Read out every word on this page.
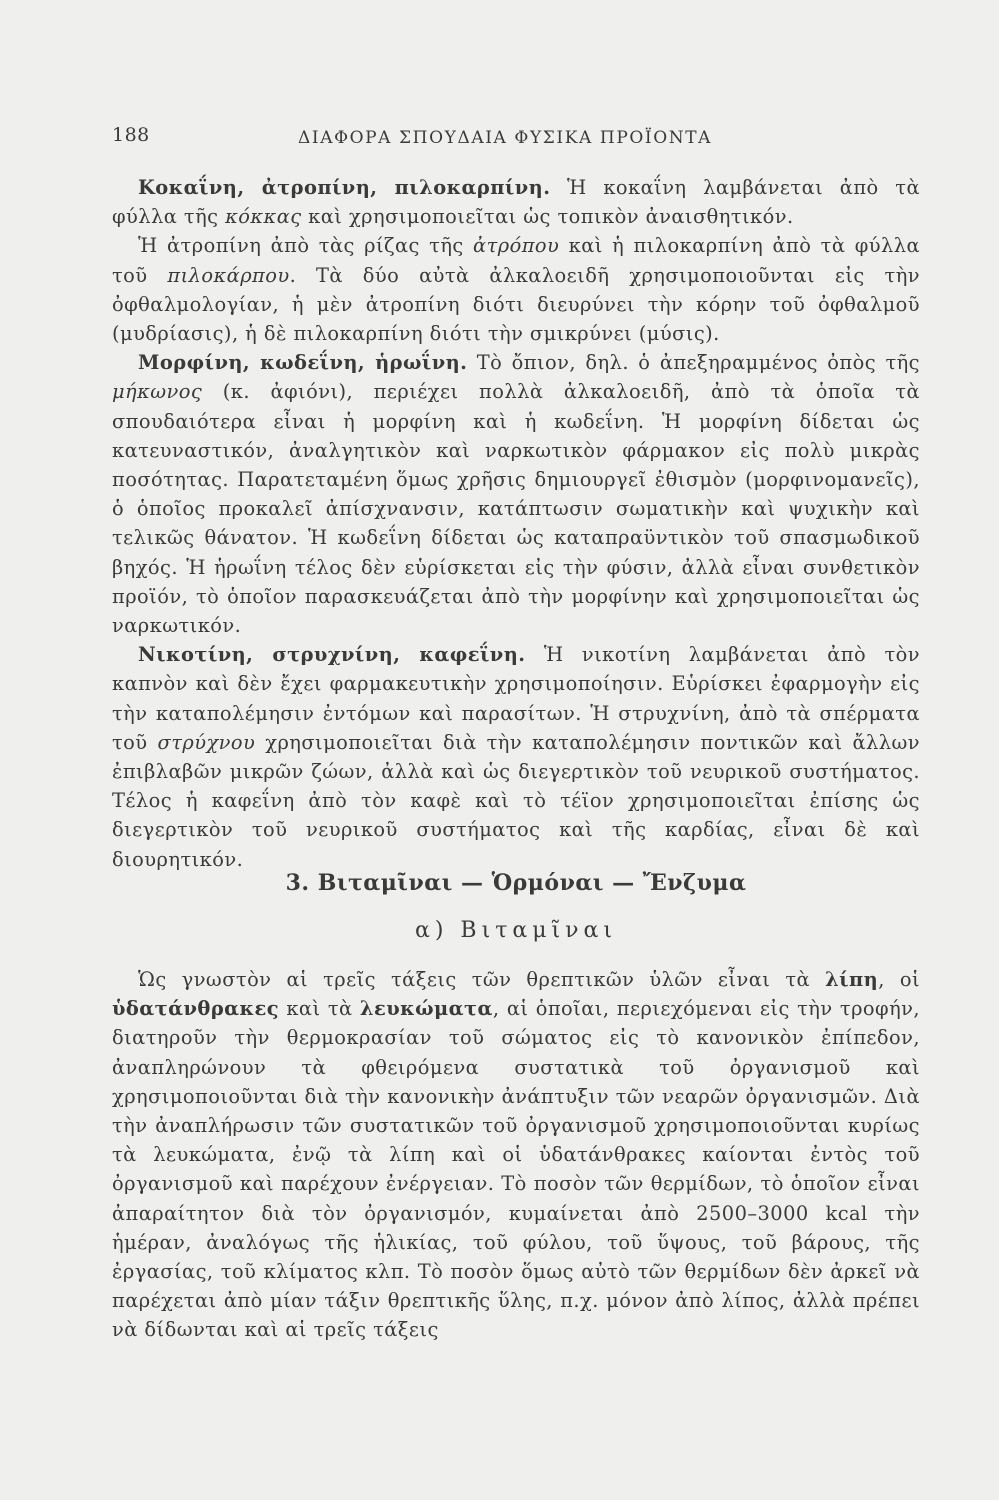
188	ΔΙΑΦΟΡΑ ΣΠΟΥΔΑΙΑ ΦΥΣΙΚΑ ΠΡΟΪΟΝΤΑ

Κοκαΐνη, ἀτροπίνη, πιλοκαρπίνη. Ἡ κοκαΐνη λαμβάνεται ἀπὸ τὰ φύλλα τῆς κόκκας καὶ χρησιμοποιεῖται ὡς τοπικὸν ἀναισθητικόν.

Ἡ ἀτροπίνη ἀπὸ τὰς ρίζας τῆς ἀτρόπου καὶ ἡ πιλοκαρπίνη ἀπὸ τὰ φύλλα τοῦ πιλοκάρπου. Τὰ δύο αὐτὰ ἀλκαλοειδῆ χρησιμοποιοῦνται εἰς τὴν ὀφθαλμολογίαν, ἡ μὲν ἀτροπίνη διότι διευρύνει τὴν κόρην τοῦ ὀφθαλμοῦ (μυδρίασις), ἡ δὲ πιλοκαρπίνη διότι τὴν σμικρύνει (μύσις).

Μορφίνη, κωδεΐνη, ἡρωΐνη. Τὸ ὄπιον, δηλ. ὁ ἀπεξηραμμένος ὀπὸς τῆς μήκωνος (κ. ἀφιόνι), περιέχει πολλὰ ἀλκαλοειδῆ, ἀπὸ τὰ ὁποῖα τὰ σπουδαιότερα εἶναι ἡ μορφίνη καὶ ἡ κωδεΐνη. Ἡ μορφίνη δίδεται ὡς κατευναστικόν, ἀναλγητικὸν καὶ ναρκωτικὸν φάρμακον εἰς πολὺ μικρὰς ποσότητας. Παρατεταμένη ὅμως χρῆσις δημιουργεῖ ἐθισμὸν (μορφινομανεῖς), ὁ ὁποῖος προκαλεῖ ἀπίσχνανσιν, κατάπτωσιν σωματικὴν καὶ ψυχικὴν καὶ τελικῶς θάνατον. Ἡ κωδεΐνη δίδεται ὡς καταπραϋντικὸν τοῦ σπασμωδικοῦ βηχός. Ἡ ἡρωΐνη τέλος δὲν εὑρίσκεται εἰς τὴν φύσιν, ἀλλὰ εἶναι συνθετικὸν προϊόν, τὸ ὁποῖον παρασκευάζεται ἀπὸ τὴν μορφίνην καὶ χρησιμοποιεῖται ὡς ναρκωτικόν.

Νικοτίνη, στρυχνίνη, καφεΐνη. Ἡ νικοτίνη λαμβάνεται ἀπὸ τὸν καπνὸν καὶ δὲν ἔχει φαρμακευτικὴν χρησιμοποίησιν. Εὑρίσκει ἐφαρμογὴν εἰς τὴν καταπολέμησιν ἐντόμων καὶ παρασίτων. Ἡ στρυχνίνη, ἀπὸ τὰ σπέρματα τοῦ στρύχνου χρησιμοποιεῖται διὰ τὴν καταπολέμησιν ποντικῶν καὶ ἄλλων ἐπιβλαβῶν μικρῶν ζώων, ἀλλὰ καὶ ὡς διεγερτικὸν τοῦ νευρικοῦ συστήματος. Τέλος ἡ καφεΐνη ἀπὸ τὸν καφὲ καὶ τὸ τέϊον χρησιμοποιεῖται ἐπίσης ὡς διεγερτικὸν τοῦ νευρικοῦ συστήματος καὶ τῆς καρδίας, εἶναι δὲ καὶ διουρητικόν.

3. Βιταμῖναι — Ὁρμόναι — Ἔνζυμα
α) Βιταμῖναι

Ὡς γνωστὸν αἱ τρεῖς τάξεις τῶν θρεπτικῶν ὑλῶν εἶναι τὰ λίπη, οἱ ὑδατάνθρακες καὶ τὰ λευκώματα, αἱ ὁποῖαι, περιεχόμεναι εἰς τὴν τροφήν, διατηροῦν τὴν θερμοκρασίαν τοῦ σώματος εἰς τὸ κανονικὸν ἐπίπεδον, ἀναπληρώνουν τὰ φθειρόμενα συστατικὰ τοῦ ὀργανισμοῦ καὶ χρησιμοποιοῦνται διὰ τὴν κανονικὴν ἀνάπτυξιν τῶν νεαρῶν ὀργανισμῶν. Διὰ τὴν ἀναπλήρωσιν τῶν συστατικῶν τοῦ ὀργανισμοῦ χρησιμοποιοῦνται κυρίως τὰ λευκώματα, ἐνῷ τὰ λίπη καὶ οἱ ὑδατάνθρακες καίονται ἐντὸς τοῦ ὀργανισμοῦ καὶ παρέχουν ἐνέργειαν. Τὸ ποσὸν τῶν θερμίδων, τὸ ὁποῖον εἶναι ἀπαραίτητον διὰ τὸν ὀργανισμόν, κυμαίνεται ἀπὸ 2500–3000 kcal τὴν ἡμέραν, ἀναλόγως τῆς ἡλικίας, τοῦ φύλου, τοῦ ὕψους, τοῦ βάρους, τῆς ἐργασίας, τοῦ κλίματος κλπ. Τὸ ποσὸν ὅμως αὐτὸ τῶν θερμίδων δὲν ἀρκεῖ νὰ παρέχεται ἀπὸ μίαν τάξιν θρεπτικῆς ὕλης, π.χ. μόνον ἀπὸ λίπος, ἀλλὰ πρέπει νὰ δίδωνται καὶ αἱ τρεῖς τάξεις
